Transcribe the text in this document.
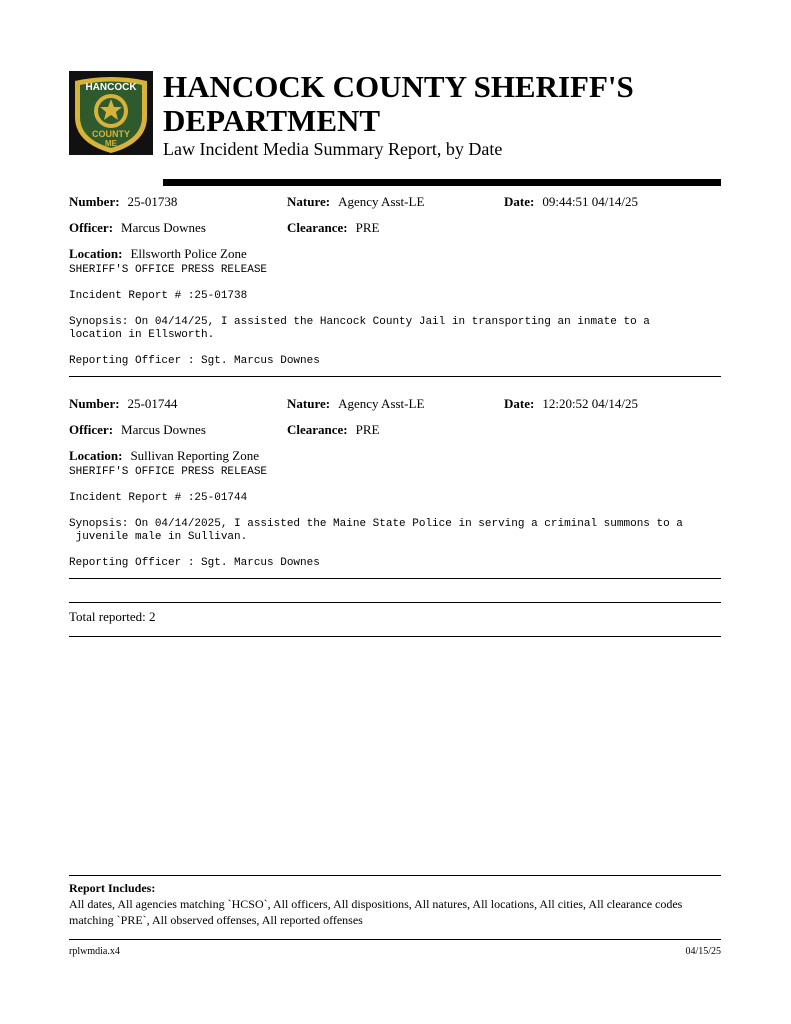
HANCOCK
COUNTY
ME
HANCOCK COUNTY SHERIFF'S
DEPARTMENT
Law Incident Media Summary Report, by Date
Number: 25-01738	Nature: Agency Asst-LE	Date: 09:44:51 04/14/25
Officer: Marcus Downes	Clearance: PRE
Location: Ellsworth Police Zone
SHERIFF'S OFFICE PRESS RELEASE
Incident Report # :25-01738
Synopsis: On 04/14/25, I assisted the Hancock County Jail in transporting an inmate to a
location in Ellsworth.
Reporting Officer : Sgt. Marcus Downes
Number: 25-01744	Nature: Agency Asst-LE	Date: 12:20:52 04/14/25
Officer: Marcus Downes	Clearance: PRE
Location: Sullivan Reporting Zone
SHERIFF'S OFFICE PRESS RELEASE
Incident Report # :25-01744
Synopsis: On 04/14/2025, I assisted the Maine State Police in serving a criminal summons to a
juvenile male in Sullivan.
Reporting Officer : Sgt. Marcus Downes
Total reported: 2
Report Includes:
All dates, All agencies matching `HCSO`, All officers, All dispositions, All natures, All locations, All cities, All clearance codes matching `PRE`, All observed offenses, All reported offenses
rplwmdia.x4	04/15/25
